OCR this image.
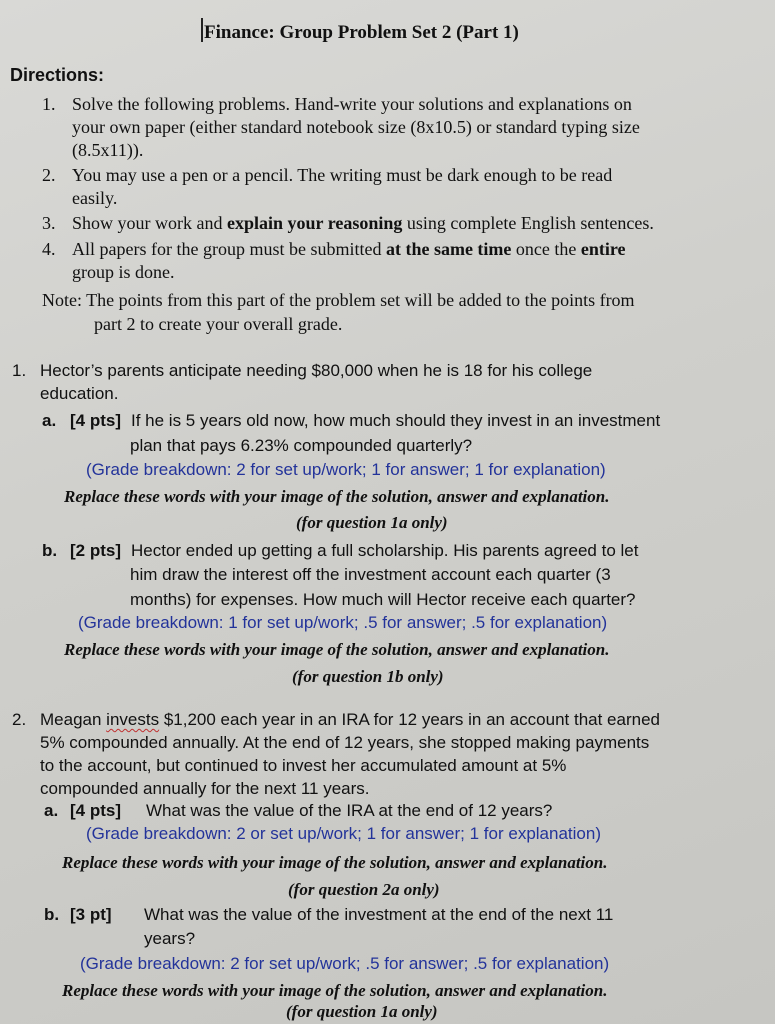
Finance: Group Problem Set 2 (Part 1)
Directions:
1. Solve the following problems. Hand-write your solutions and explanations on
your own paper (either standard notebook size (8x10.5) or standard typing size
(8.5x11)).
2. You may use a pen or a pencil. The writing must be dark enough to be read
easily.
3. Show your work and explain your reasoning using complete English sentences.
4. All papers for the group must be submitted at the same time once the entire
group is done.
Note: The points from this part of the problem set will be added to the points from
part 2 to create your overall grade.
1. Hector’s parents anticipate needing $80,000 when he is 18 for his college
education.
a. [4 pts] If he is 5 years old now, how much should they invest in an investment
plan that pays 6.23% compounded quarterly?
(Grade breakdown: 2 for set up/work; 1 for answer; 1 for explanation)
Replace these words with your image of the solution, answer and explanation.
(for question 1a only)
b. [2 pts] Hector ended up getting a full scholarship. His parents agreed to let
him draw the interest off the investment account each quarter (3
months) for expenses. How much will Hector receive each quarter?
(Grade breakdown: 1 for set up/work; .5 for answer; .5 for explanation)
Replace these words with your image of the solution, answer and explanation.
(for question 1b only)
2. Meagan invests $1,200 each year in an IRA for 12 years in an account that earned
5% compounded annually. At the end of 12 years, she stopped making payments
to the account, but continued to invest her accumulated amount at 5%
compounded annually for the next 11 years.
a. [4 pts] What was the value of the IRA at the end of 12 years?
(Grade breakdown: 2 or set up/work; 1 for answer; 1 for explanation)
Replace these words with your image of the solution, answer and explanation.
(for question 2a only)
b. [3 pt] What was the value of the investment at the end of the next 11
years?
(Grade breakdown: 2 for set up/work; .5 for answer; .5 for explanation)
Replace these words with your image of the solution, answer and explanation.
(for question 1a only)
